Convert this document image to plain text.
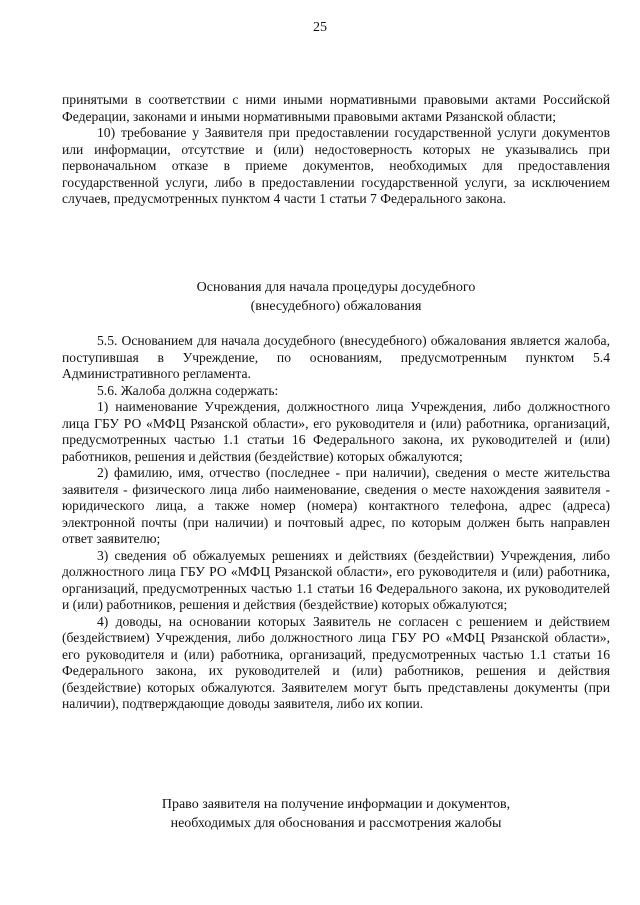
25

принятыми в соответствии с ними иными нормативными правовыми актами Российской Федерации, законами и иными нормативными правовыми актами Рязанской области;

10) требование у Заявителя при предоставлении государственной услуги документов или информации, отсутствие и (или) недостоверность которых не указывались при первоначальном отказе в приеме документов, необходимых для предоставления государственной услуги, либо в предоставлении государственной услуги, за исключением случаев, предусмотренных пунктом 4 части 1 статьи 7 Федерального закона.

Основания для начала процедуры досудебного
(внесудебного) обжалования

5.5. Основанием для начала досудебного (внесудебного) обжалования является жалоба, поступившая в Учреждение, по основаниям, предусмотренным пунктом 5.4 Административного регламента.

5.6. Жалоба должна содержать:

1) наименование Учреждения, должностного лица Учреждения, либо должностного лица ГБУ РО «МФЦ Рязанской области», его руководителя и (или) работника, организаций, предусмотренных частью 1.1 статьи 16 Федерального закона, их руководителей и (или) работников, решения и действия (бездействие) которых обжалуются;

2) фамилию, имя, отчество (последнее - при наличии), сведения о месте жительства заявителя - физического лица либо наименование, сведения о месте нахождения заявителя - юридического лица, а также номер (номера) контактного телефона, адрес (адреса) электронной почты (при наличии) и почтовый адрес, по которым должен быть направлен ответ заявителю;

3) сведения об обжалуемых решениях и действиях (бездействии) Учреждения, либо должностного лица ГБУ РО «МФЦ Рязанской области», его руководителя и (или) работника, организаций, предусмотренных частью 1.1 статьи 16 Федерального закона, их руководителей и (или) работников, решения и действия (бездействие) которых обжалуются;

4) доводы, на основании которых Заявитель не согласен с решением и действием (бездействием) Учреждения, либо должностного лица ГБУ РО «МФЦ Рязанской области», его руководителя и (или) работника, организаций, предусмотренных частью 1.1 статьи 16 Федерального закона, их руководителей и (или) работников, решения и действия (бездействие) которых обжалуются. Заявителем могут быть представлены документы (при наличии), подтверждающие доводы заявителя, либо их копии.

Право заявителя на получение информации и документов,
необходимых для обоснования и рассмотрения жалобы
